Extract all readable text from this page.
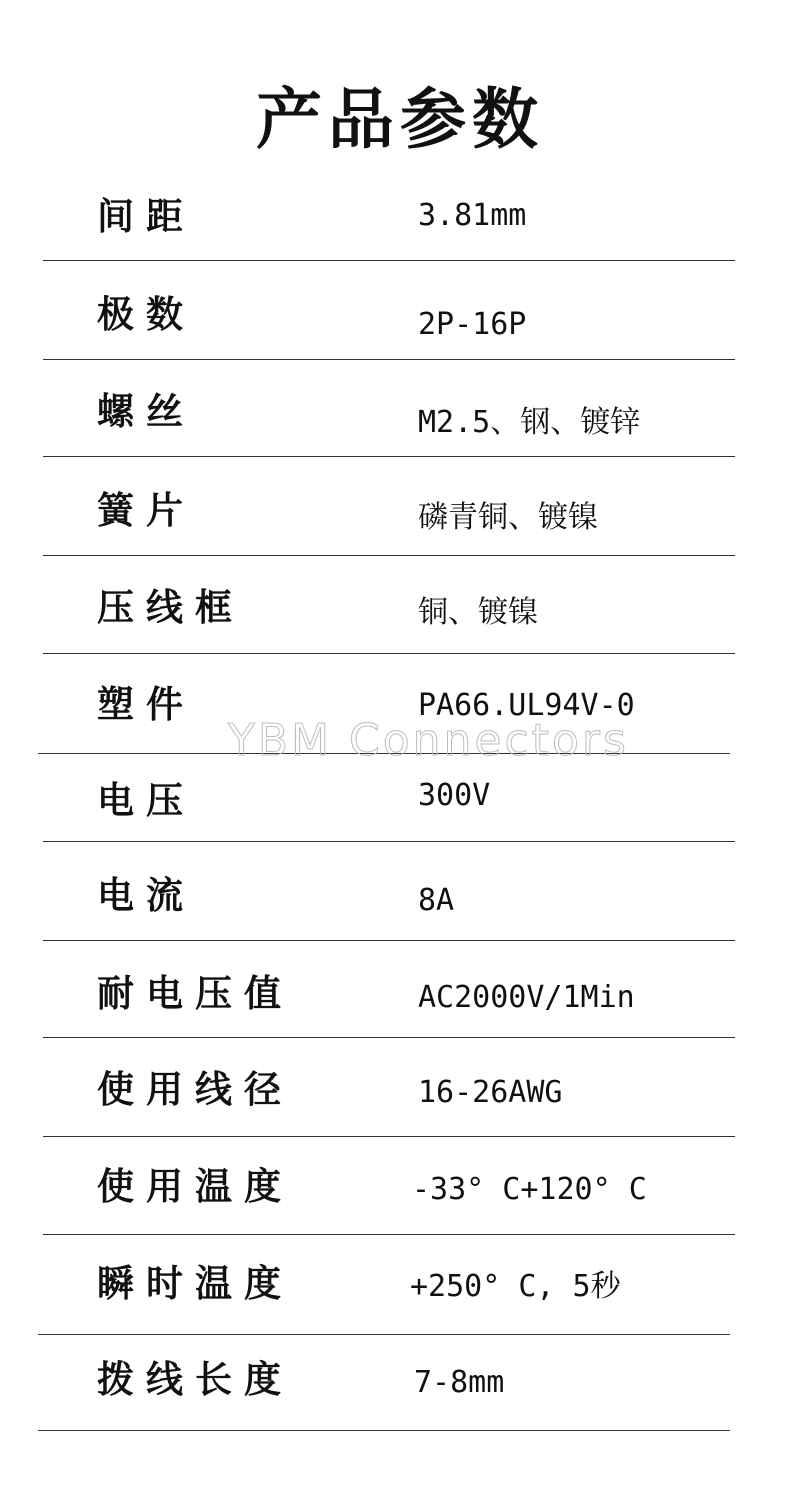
产品参数
间距	3.81mm
极数	2P-16P
螺丝	M2.5、钢、镀锌
簧片	磷青铜、镀镍
压线框	铜、镀镍
塑件	PA66.UL94V-0
电压	300V
电流	8A
耐电压值	AC2000V/1Min
使用线径	16-26AWG
使用温度	-33° C+120° C
瞬时温度	+250° C, 5秒
拨线长度	7-8mm
YBM Connectors
